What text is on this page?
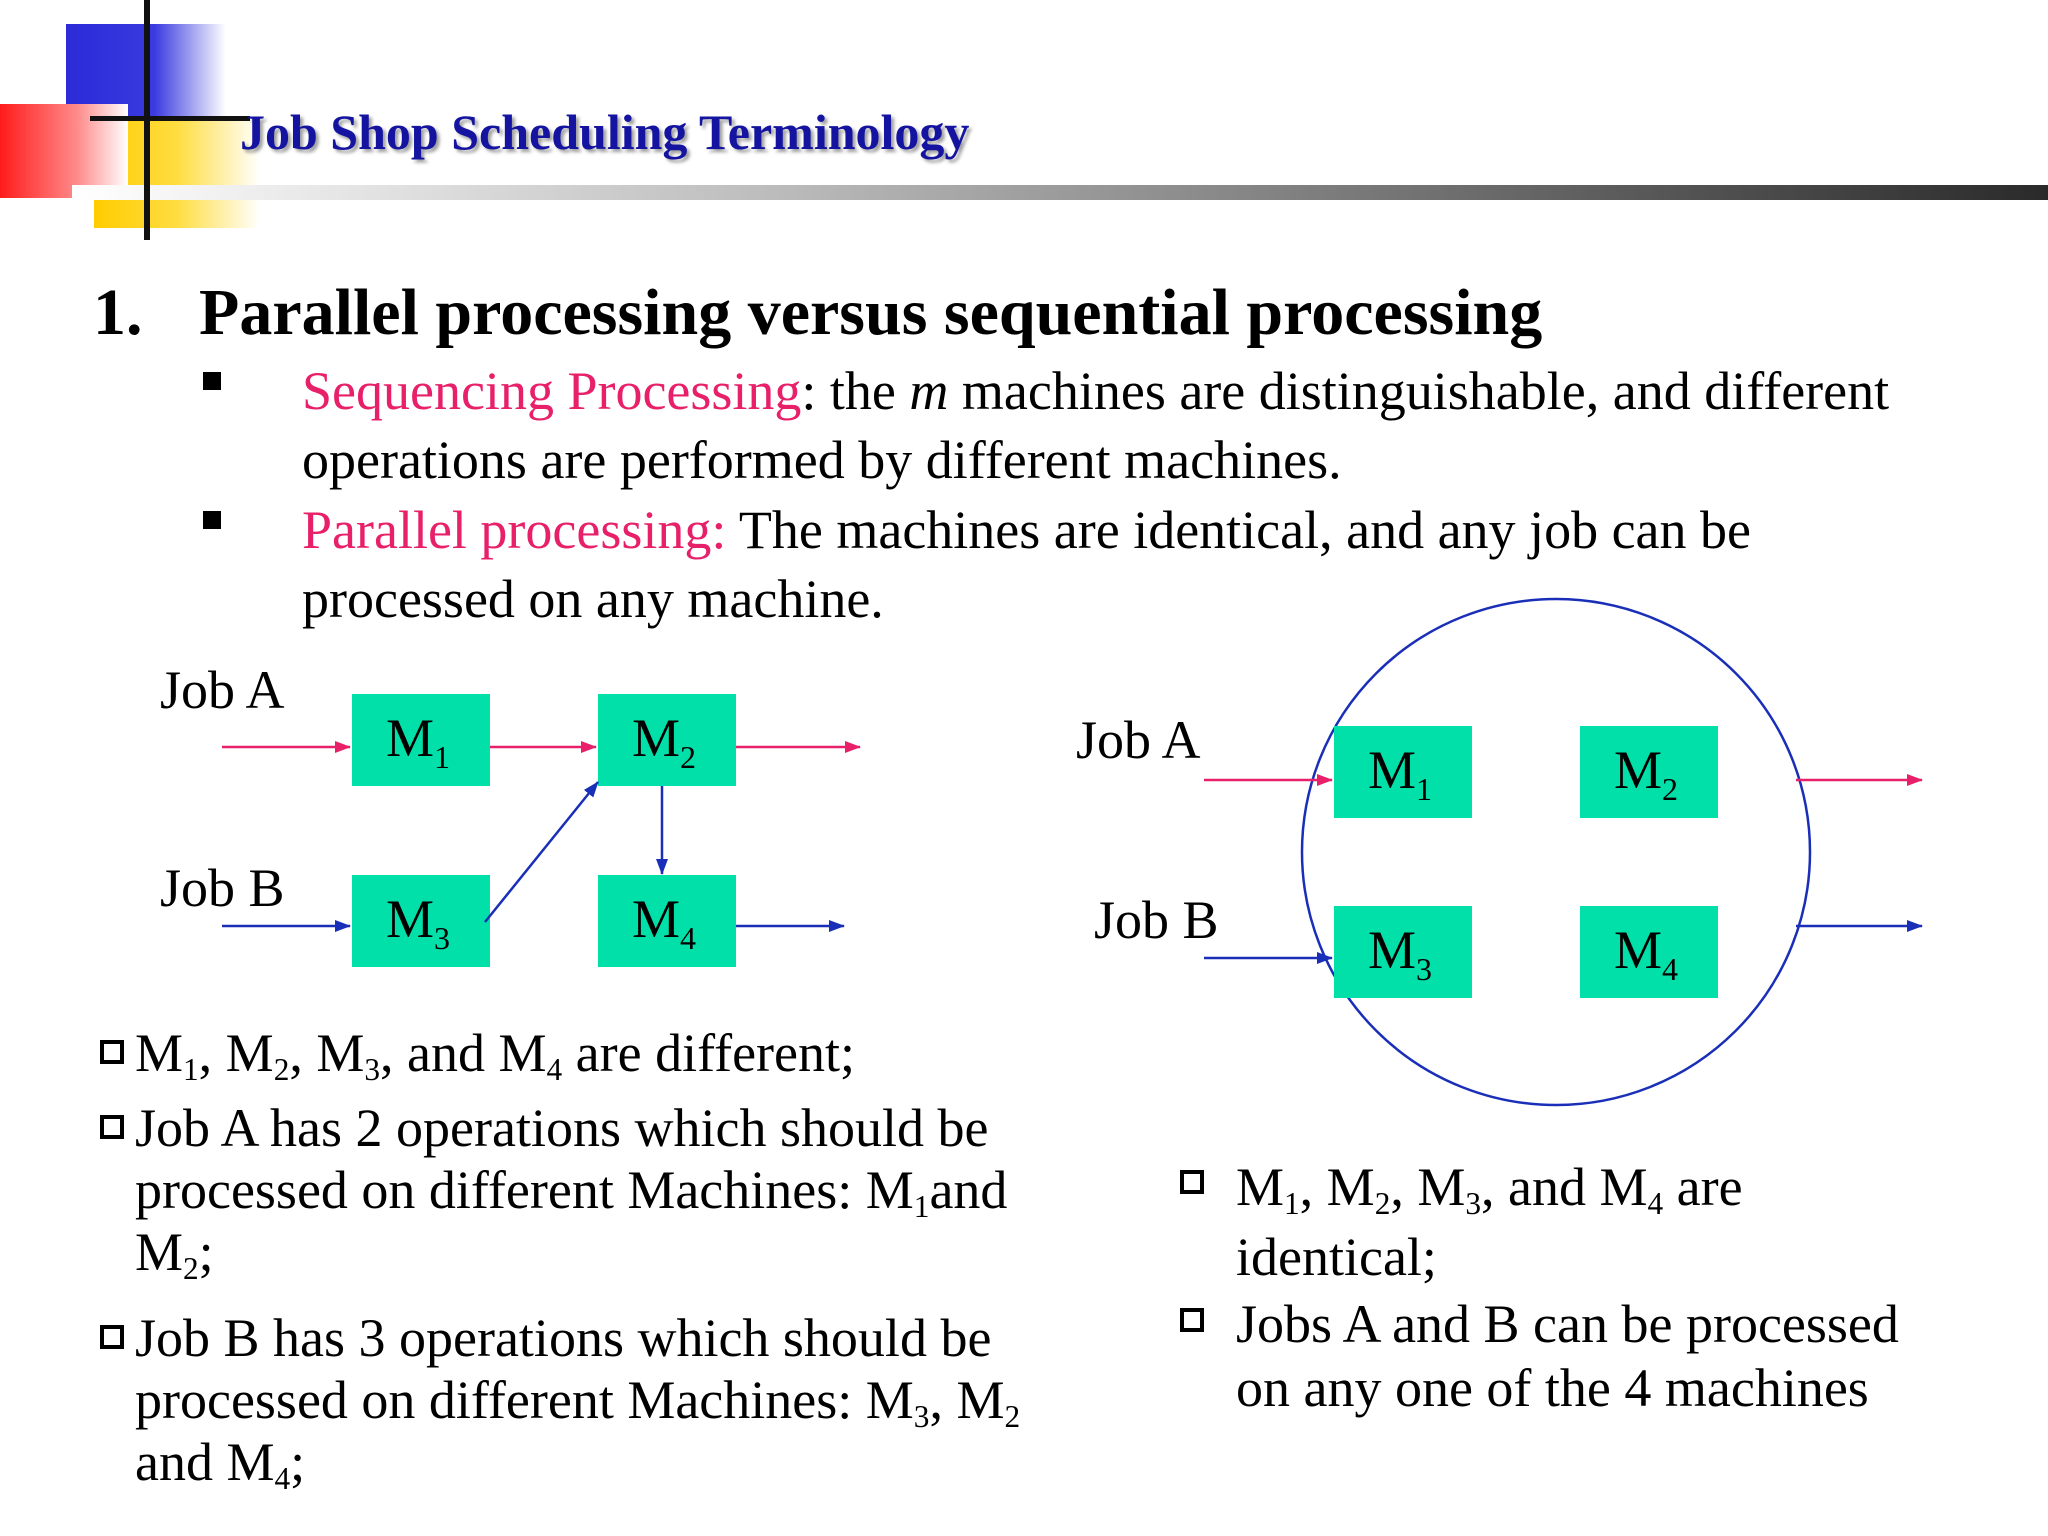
Job Shop Scheduling Terminology
1. Parallel processing versus sequential processing
Sequencing Processing: the m machines are distinguishable, and different operations are performed by different machines.
Parallel processing: The machines are identical, and any job can be processed on any machine.
Job A
Job B
$M_1$	$M_2$
$M_3$	$M_4$
Job A
Job B
$M_1$	$M_2$
$M_3$	$M_4$
$M_1$, $M_2$, $M_3$, and $M_4$ are different;
Job A has 2 operations which should be
processed on different Machines: $M_1and$
$M_2$;
Job B has 3 operations which should be
processed on different Machines: $M_3$, $M_2$
and $M_4$;
$M_1$, $M_2$, $M_3$, and $M_4$ are
identical;
Jobs A and B can be processed
on any one of the 4 machines
